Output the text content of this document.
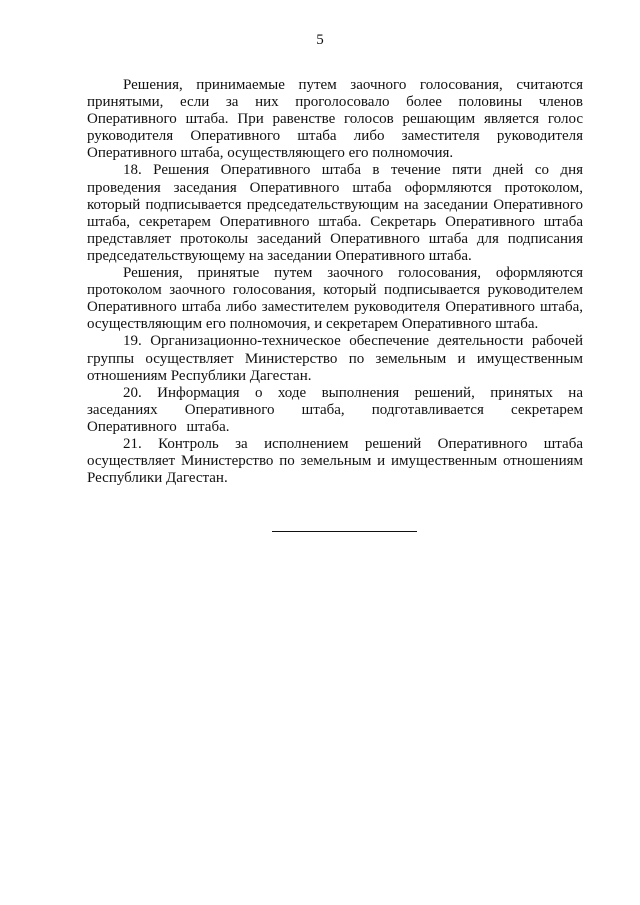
5

Решения, принимаемые путем заочного голосования, считаются принятыми, если за них проголосовало более половины членов Оперативного штаба. При равенстве голосов решающим является голос руководителя Оперативного штаба либо заместителя руководителя Оперативного штаба, осуществляющего его полномочия.

18. Решения Оперативного штаба в течение пяти дней со дня проведения заседания Оперативного штаба оформляются протоколом, который подписывается председательствующим на заседании Оперативного штаба, секретарем Оперативного штаба. Секретарь Оперативного штаба представляет протоколы заседаний Оперативного штаба для подписания председательствующему на заседании Оперативного штаба.

Решения, принятые путем заочного голосования, оформляются протоколом заочного голосования, который подписывается руководителем Оперативного штаба либо заместителем руководителя Оперативного штаба, осуществляющим его полномочия, и секретарем Оперативного штаба.

19. Организационно-техническое обеспечение деятельности рабочей группы осуществляет Министерство по земельным и имущественным отношениям Республики Дагестан.

20. Информация о ходе выполнения решений, принятых на заседаниях Оперативного штаба, подготавливается секретарем Оперативного штаба.

21. Контроль за исполнением решений Оперативного штаба осуществляет Министерство по земельным и имущественным отношениям Республики Дагестан.
